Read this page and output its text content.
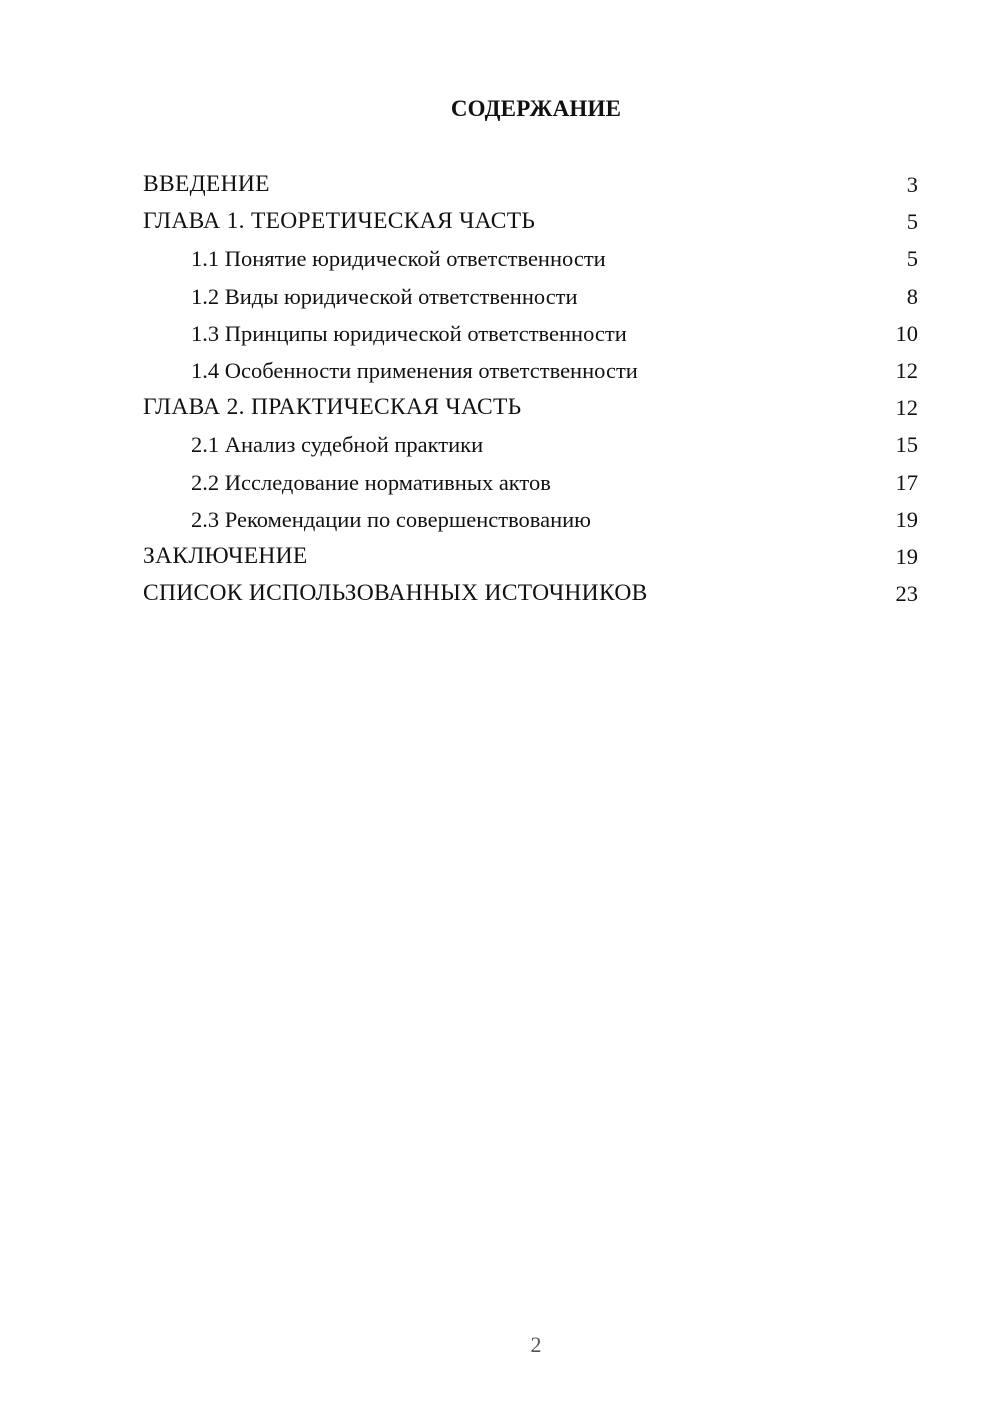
СОДЕРЖАНИЕ
ВВЕДЕНИЕ	3
ГЛАВА 1. ТЕОРЕТИЧЕСКАЯ ЧАСТЬ	5
1.1 Понятие юридической ответственности	5
1.2 Виды юридической ответственности	8
1.3 Принципы юридической ответственности	10
1.4 Особенности применения ответственности	12
ГЛАВА 2. ПРАКТИЧЕСКАЯ ЧАСТЬ	12
2.1 Анализ судебной практики	15
2.2 Исследование нормативных актов	17
2.3 Рекомендации по совершенствованию	19
ЗАКЛЮЧЕНИЕ	19
СПИСОК ИСПОЛЬЗОВАННЫХ ИСТОЧНИКОВ	23
2
